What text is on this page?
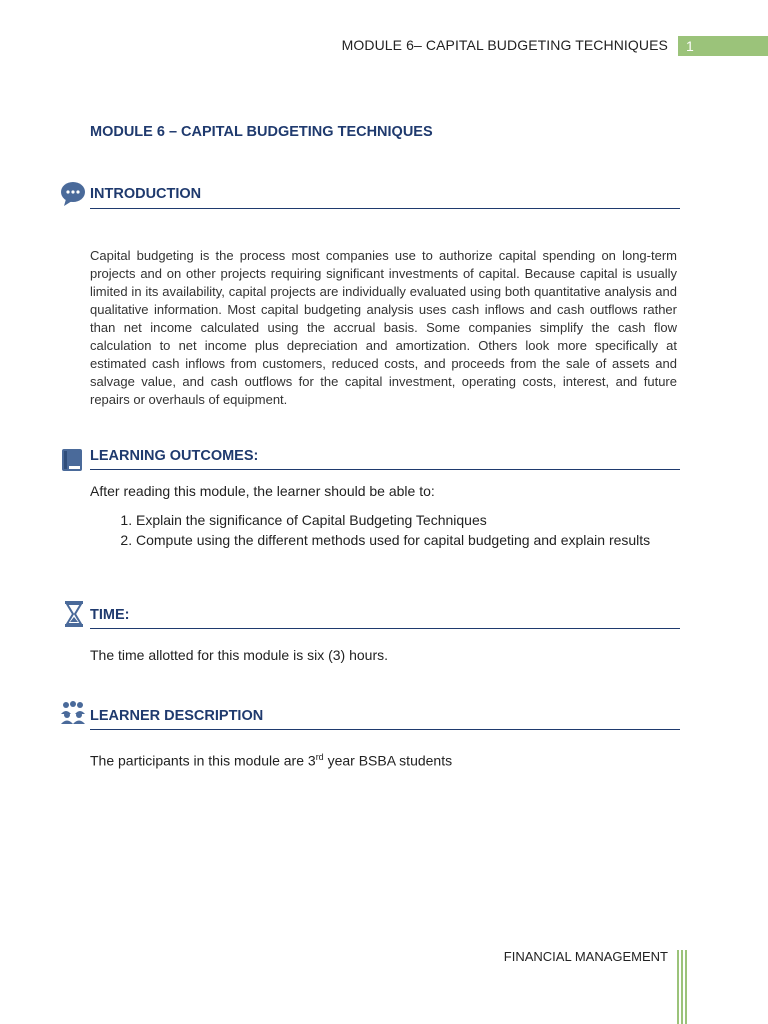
MODULE 6– CAPITAL BUDGETING TECHNIQUES	1
MODULE 6 – CAPITAL BUDGETING TECHNIQUES
INTRODUCTION
Capital budgeting is the process most companies use to authorize capital spending on long-term projects and on other projects requiring significant investments of capital. Because capital is usually limited in its availability, capital projects are individually evaluated using both quantitative analysis and qualitative information. Most capital budgeting analysis uses cash inflows and cash outflows rather than net income calculated using the accrual basis. Some companies simplify the cash flow calculation to net income plus depreciation and amortization. Others look more specifically at estimated cash inflows from customers, reduced costs, and proceeds from the sale of assets and salvage value, and cash outflows for the capital investment, operating costs, interest, and future repairs or overhauls of equipment.
LEARNING OUTCOMES:
After reading this module, the learner should be able to:
1. Explain the significance of Capital Budgeting Techniques
2. Compute using the different methods used for capital budgeting and explain results
TIME:
The time allotted for this module is six (3) hours.
LEARNER DESCRIPTION
The participants in this module are 3rd year BSBA students
FINANCIAL MANAGEMENT
